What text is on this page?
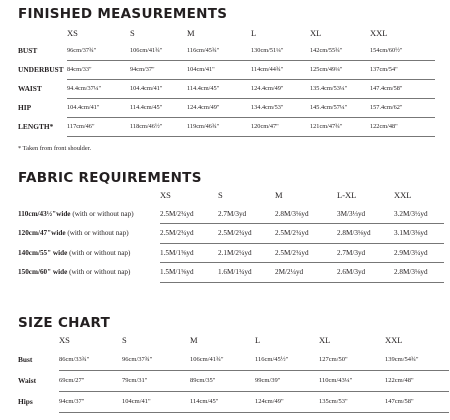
FINISHED MEASUREMENTS
	XS	S	M	L	XL	XXL
BUST	96cm/37¾"	106cm/41¾"	116cm/45¾"	130cm/51¼"	142cm/55¾"	154cm/60½"
UNDERBUST	84cm/33"	94cm/37"	104cm/41"	114cm/44¾"	125cm/49¼"	137cm/54"
WAIST	94.4cm/37¼"	104.4cm/41"	114.4cm/45"	124.4cm/49"	135.4cm/53¼"	147.4cm/58"
HIP	104.4cm/41"	114.4cm/45"	124.4cm/49"	134.4cm/53"	145.4cm/57¼"	157.4cm/62"
LENGTH*	117cm/46"	118cm/46½"	119cm/46¾"	120cm/47"	121cm/47¾"	122cm/48"

* Taken from front shoulder.

FABRIC REQUIREMENTS
	XS	S	M	L-XL	XXL
110cm/43½"wide (with or without nap)	2.5M/2¾yd	2.7M/3yd	2.8M/3⅛yd	3M/3⅓yd	3.2M/3½yd
120cm/47"wide (with or without nap)	2.5M/2¾yd	2.5M/2¾yd	2.5M/2¾yd	2.8M/3⅛yd	3.1M/3⅜yd
140cm/55" wide (with or without nap)	1.5M/1⅝yd	2.1M/2¼yd	2.5M/2¾yd	2.7M/3yd	2.9M/3¼yd
150cm/60" wide (with or without nap)	1.5M/1⅝yd	1.6M/1¾yd	2M/2¼yd	2.6M/3yd	2.8M/3⅛yd
SIZE CHART
	XS	S	M	L	XL	XXL
Bust	86cm/33¾"	96cm/37¾"	106cm/41¾"	116cm/45½"	127cm/50"	139cm/54¾"
Waist	69cm/27"	79cm/31"	89cm/35"	99cm/39"	110cm/43¼"	122cm/48"
Hips	94cm/37"	104cm/41"	114cm/45"	124cm/49"	135cm/53"	147cm/58"
